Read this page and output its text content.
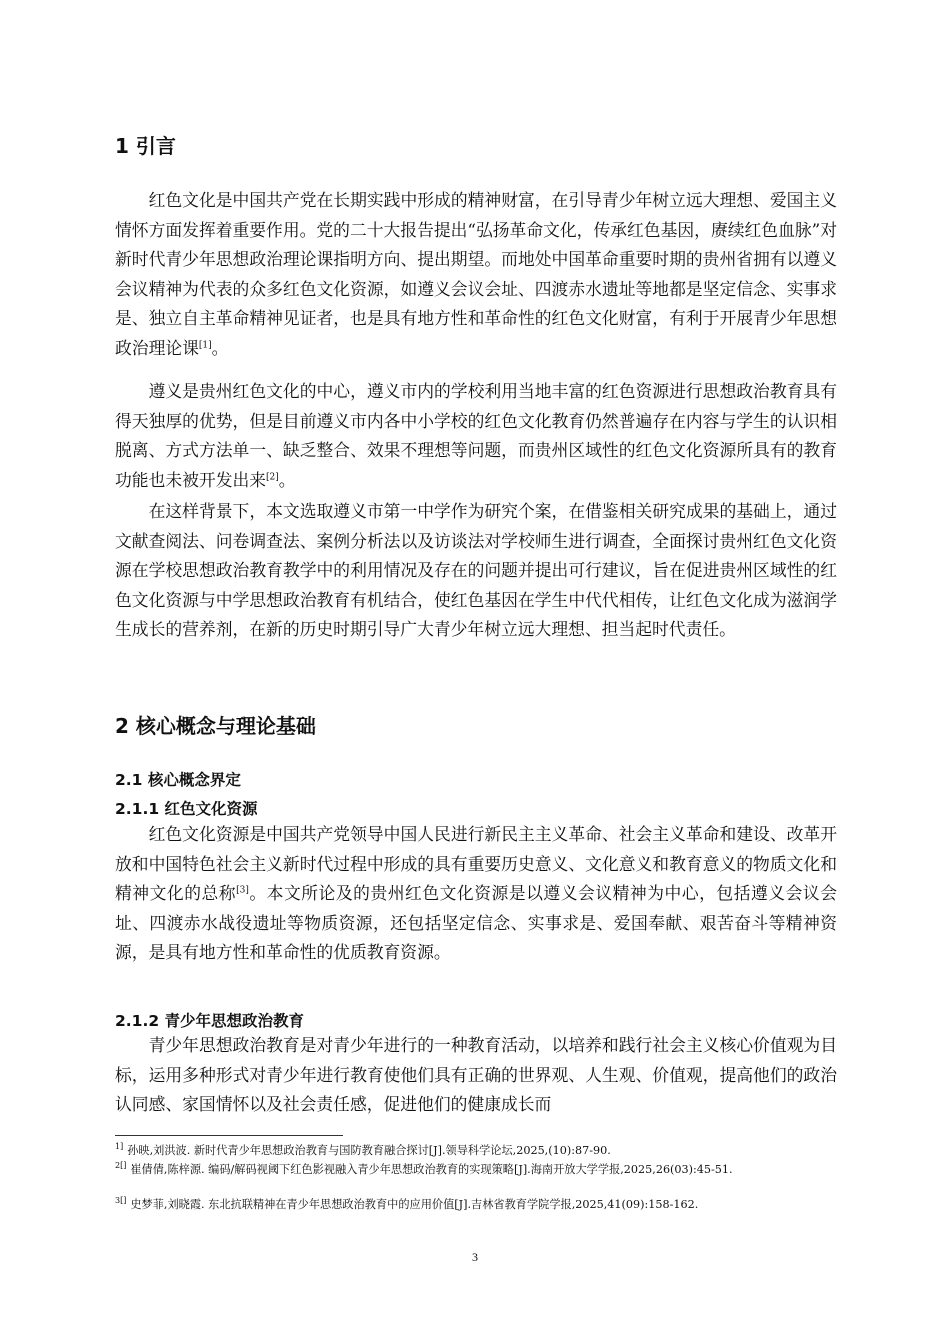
1 引言

红色文化是中国共产党在长期实践中形成的精神财富，在引导青少年树立远大理想、爱国主义情怀方面发挥着重要作用。党的二十大报告提出“弘扬革命文化，传承红色基因，赓续红色血脉”对新时代青少年思想政治理论课指明方向、提出期望。而地处中国革命重要时期的贵州省拥有以遵义会议精神为代表的众多红色文化资源，如遵义会议会址、四渡赤水遗址等地都是坚定信念、实事求是、独立自主革命精神见证者，也是具有地方性和革命性的红色文化财富，有利于开展青少年思想政治理论课[1]。

遵义是贵州红色文化的中心，遵义市内的学校利用当地丰富的红色资源进行思想政治教育具有得天独厚的优势，但是目前遵义市内各中小学校的红色文化教育仍然普遍存在内容与学生的认识相脱离、方式方法单一、缺乏整合、效果不理想等问题，而贵州区域性的红色文化资源所具有的教育功能也未被开发出来[2]。

在这样背景下，本文选取遵义市第一中学作为研究个案，在借鉴相关研究成果的基础上，通过文献查阅法、问卷调查法、案例分析法以及访谈法对学校师生进行调查，全面探讨贵州红色文化资源在学校思想政治教育教学中的利用情况及存在的问题并提出可行建议，旨在促进贵州区域性的红色文化资源与中学思想政治教育有机结合，使红色基因在学生中代代相传，让红色文化成为滋润学生成长的营养剂，在新的历史时期引导广大青少年树立远大理想、担当起时代责任。

2 核心概念与理论基础
2.1 核心概念界定
2.1.1 红色文化资源

红色文化资源是中国共产党领导中国人民进行新民主主义革命、社会主义革命和建设、改革开放和中国特色社会主义新时代过程中形成的具有重要历史意义、文化意义和教育意义的物质文化和精神文化的总称[3]。本文所论及的贵州红色文化资源是以遵义会议精神为中心，包括遵义会议会址、四渡赤水战役遗址等物质资源，还包括坚定信念、实事求是、爱国奉献、艰苦奋斗等精神资源，是具有地方性和革命性的优质教育资源。

2.1.2 青少年思想政治教育

青少年思想政治教育是对青少年进行的一种教育活动，以培养和践行社会主义核心价值观为目标，运用多种形式对青少年进行教育使他们具有正确的世界观、人生观、价值观，提高他们的政治认同感、家国情怀以及社会责任感，促进他们的健康成长而

$^{1]}$ 孙映,刘洪波. 新时代青少年思想政治教育与国防教育融合探讨[J].领导科学论坛,2025,(10):87-90.

$^{2[]}$ 崔倩倩,陈梓源. 编码/解码视阈下红色影视融入青少年思想政治教育的实现策略[J].海南开放大学学报,2025,26(03):45-51.

$^{3[]}$ 史梦菲,刘晓霞. 东北抗联精神在青少年思想政治教育中的应用价值[J].吉林省教育学院学报,2025,41(09):158-162.

3
